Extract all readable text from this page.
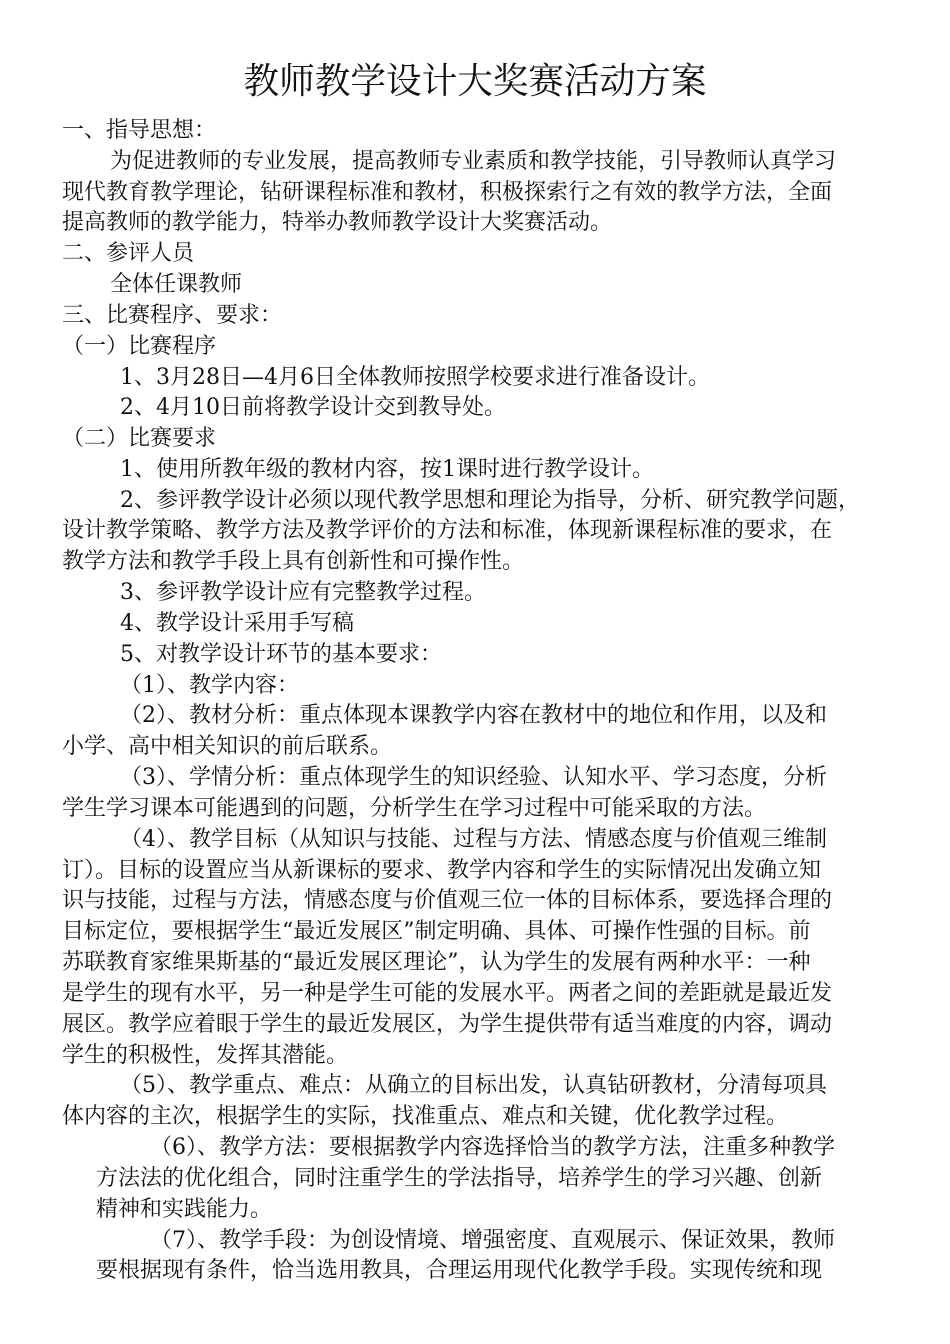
教师教学设计大奖赛活动方案
一、指导思想：
为促进教师的专业发展，提高教师专业素质和教学技能，引导教师认真学习
现代教育教学理论，钻研课程标准和教材，积极探索行之有效的教学方法，全面
提高教师的教学能力，特举办教师教学设计大奖赛活动。
二、参评人员
全体任课教师
三、比赛程序、要求：
（一）比赛程序
1、3月28日—4月6日全体教师按照学校要求进行准备设计。
2、4月10日前将教学设计交到教导处。
（二）比赛要求
1、使用所教年级的教材内容，按1课时进行教学设计。
2、参评教学设计必须以现代教学思想和理论为指导，分析、研究教学问题，
设计教学策略、教学方法及教学评价的方法和标准，体现新课程标准的要求，在
教学方法和教学手段上具有创新性和可操作性。
3、参评教学设计应有完整教学过程。
4、教学设计采用手写稿
5、对教学设计环节的基本要求：
（1）、教学内容：
（2）、教材分析：重点体现本课教学内容在教材中的地位和作用，以及和
小学、高中相关知识的前后联系。
（3）、学情分析：重点体现学生的知识经验、认知水平、学习态度，分析
学生学习课本可能遇到的问题，分析学生在学习过程中可能采取的方法。
（4）、教学目标（从知识与技能、过程与方法、情感态度与价值观三维制
订）。目标的设置应当从新课标的要求、教学内容和学生的实际情况出发确立知
识与技能，过程与方法，情感态度与价值观三位一体的目标体系，要选择合理的
目标定位，要根据学生“最近发展区”制定明确、具体、可操作性强的目标。前
苏联教育家维果斯基的“最近发展区理论”，认为学生的发展有两种水平：一种
是学生的现有水平，另一种是学生可能的发展水平。两者之间的差距就是最近发
展区。教学应着眼于学生的最近发展区，为学生提供带有适当难度的内容，调动
学生的积极性，发挥其潜能。
（5）、教学重点、难点：从确立的目标出发，认真钻研教材，分清每项具
体内容的主次，根据学生的实际，找准重点、难点和关键，优化教学过程。
（6）、教学方法：要根据教学内容选择恰当的教学方法，注重多种教学
方法法的优化组合，同时注重学生的学法指导，培养学生的学习兴趣、创新
精神和实践能力。
（7）、教学手段：为创设情境、增强密度、直观展示、保证效果，教师
要根据现有条件，恰当选用教具，合理运用现代化教学手段。实现传统和现
